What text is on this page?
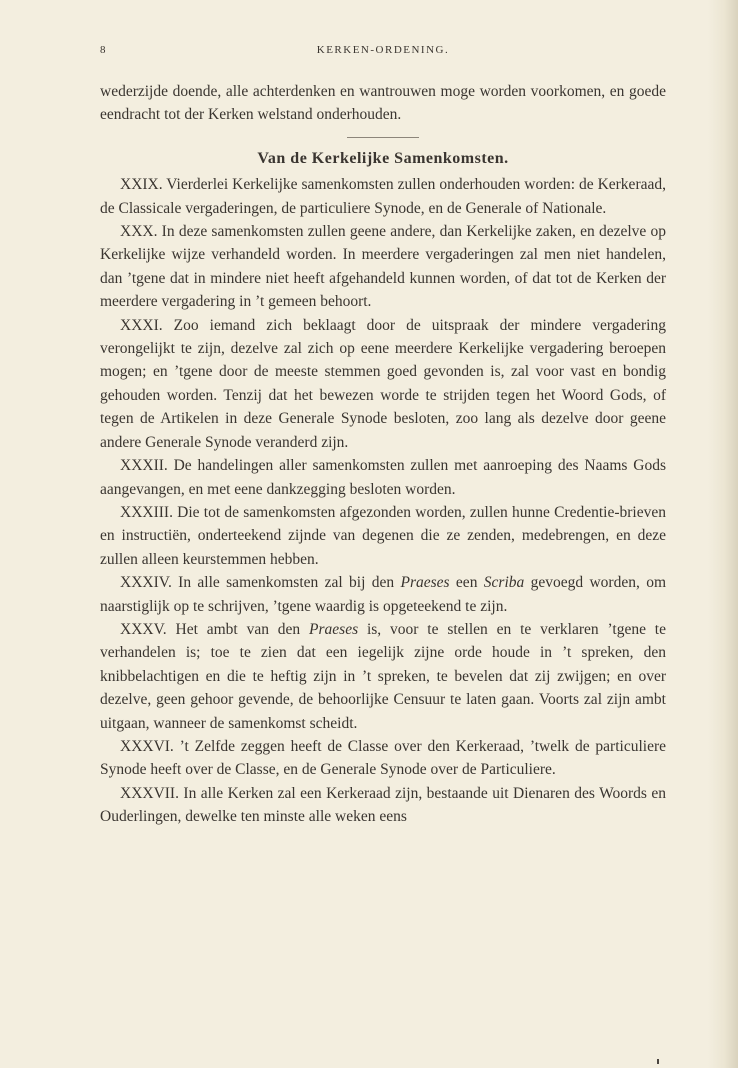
8	KERKEN-ORDENING.

wederzijde doende, alle achterdenken en wantrouwen moge worden voorkomen, en goede eendracht tot der Kerken welstand onderhouden.

Van de Kerkelijke Samenkomsten.

XXIX. Vierderlei Kerkelijke samenkomsten zullen onderhouden worden: de Kerkeraad, de Classicale vergaderingen, de particuliere Synode, en de Generale of Nationale.

XXX. In deze samenkomsten zullen geene andere, dan Kerkelijke zaken, en dezelve op Kerkelijke wijze verhandeld worden. In meerdere vergaderingen zal men niet handelen, dan ’tgene dat in mindere niet heeft afgehandeld kunnen worden, of dat tot de Kerken der meerdere vergadering in ’t gemeen behoort.

XXXI. Zoo iemand zich beklaagt door de uitspraak der mindere vergadering verongelijkt te zijn, dezelve zal zich op eene meerdere Kerkelijke vergadering beroepen mogen; en ’tgene door de meeste stemmen goed gevonden is, zal voor vast en bondig gehouden worden. Tenzij dat het bewezen worde te strijden tegen het Woord Gods, of tegen de Artikelen in deze Generale Synode besloten, zoo lang als dezelve door geene andere Generale Synode veranderd zijn.

XXXII. De handelingen aller samenkomsten zullen met aanroeping des Naams Gods aangevangen, en met eene dankzegging besloten worden.

XXXIII. Die tot de samenkomsten afgezonden worden, zullen hunne Credentie-brieven en instructiën, onderteekend zijnde van degenen die ze zenden, medebrengen, en deze zullen alleen keurstemmen hebben.

XXXIV. In alle samenkomsten zal bij den Praeses een Scriba gevoegd worden, om naarstiglijk op te schrijven, ’tgene waardig is opgeteekend te zijn.

XXXV. Het ambt van den Praeses is, voor te stellen en te verklaren ’tgene te verhandelen is; toe te zien dat een iegelijk zijne orde houde in ’t spreken, den knibbelachtigen en die te heftig zijn in ’t spreken, te bevelen dat zij zwijgen; en over dezelve, geen gehoor gevende, de behoorlijke Censuur te laten gaan. Voorts zal zijn ambt uitgaan, wanneer de samenkomst scheidt.

XXXVI. ’t Zelfde zeggen heeft de Classe over den Kerkeraad, ’twelk de particuliere Synode heeft over de Classe, en de Generale Synode over de Particuliere.

XXXVII. In alle Kerken zal een Kerkeraad zijn, bestaande uit Dienaren des Woords en Ouderlingen, dewelke ten minste alle weken eens
